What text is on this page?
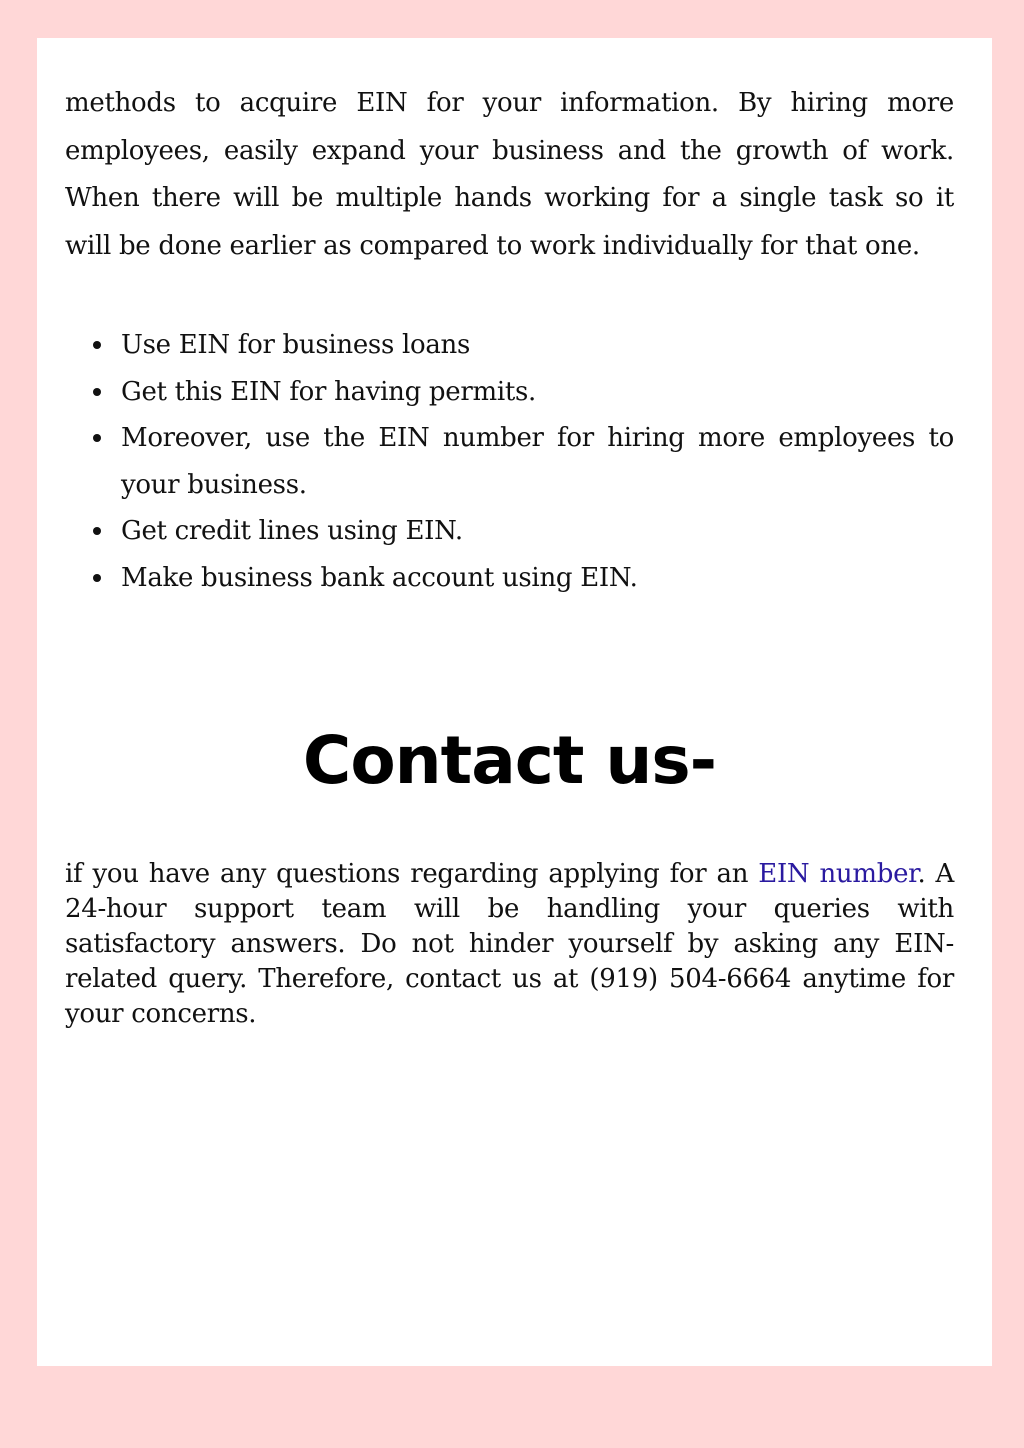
methods to acquire EIN for your information. By hiring more employees, easily expand your business and the growth of work. When there will be multiple hands working for a single task so it will be done earlier as compared to work individually for that one.

Use EIN for business loans
Get this EIN for having permits.
Moreover, use the EIN number for hiring more employees to your business.
Get credit lines using EIN.
Make business bank account using EIN.
Contact us-

if you have any questions regarding applying for an EIN number. A 24-hour support team will be handling your queries with satisfactory answers. Do not hinder yourself by asking any EIN-related query. Therefore, contact us at (919) 504-6664 anytime for your concerns.
